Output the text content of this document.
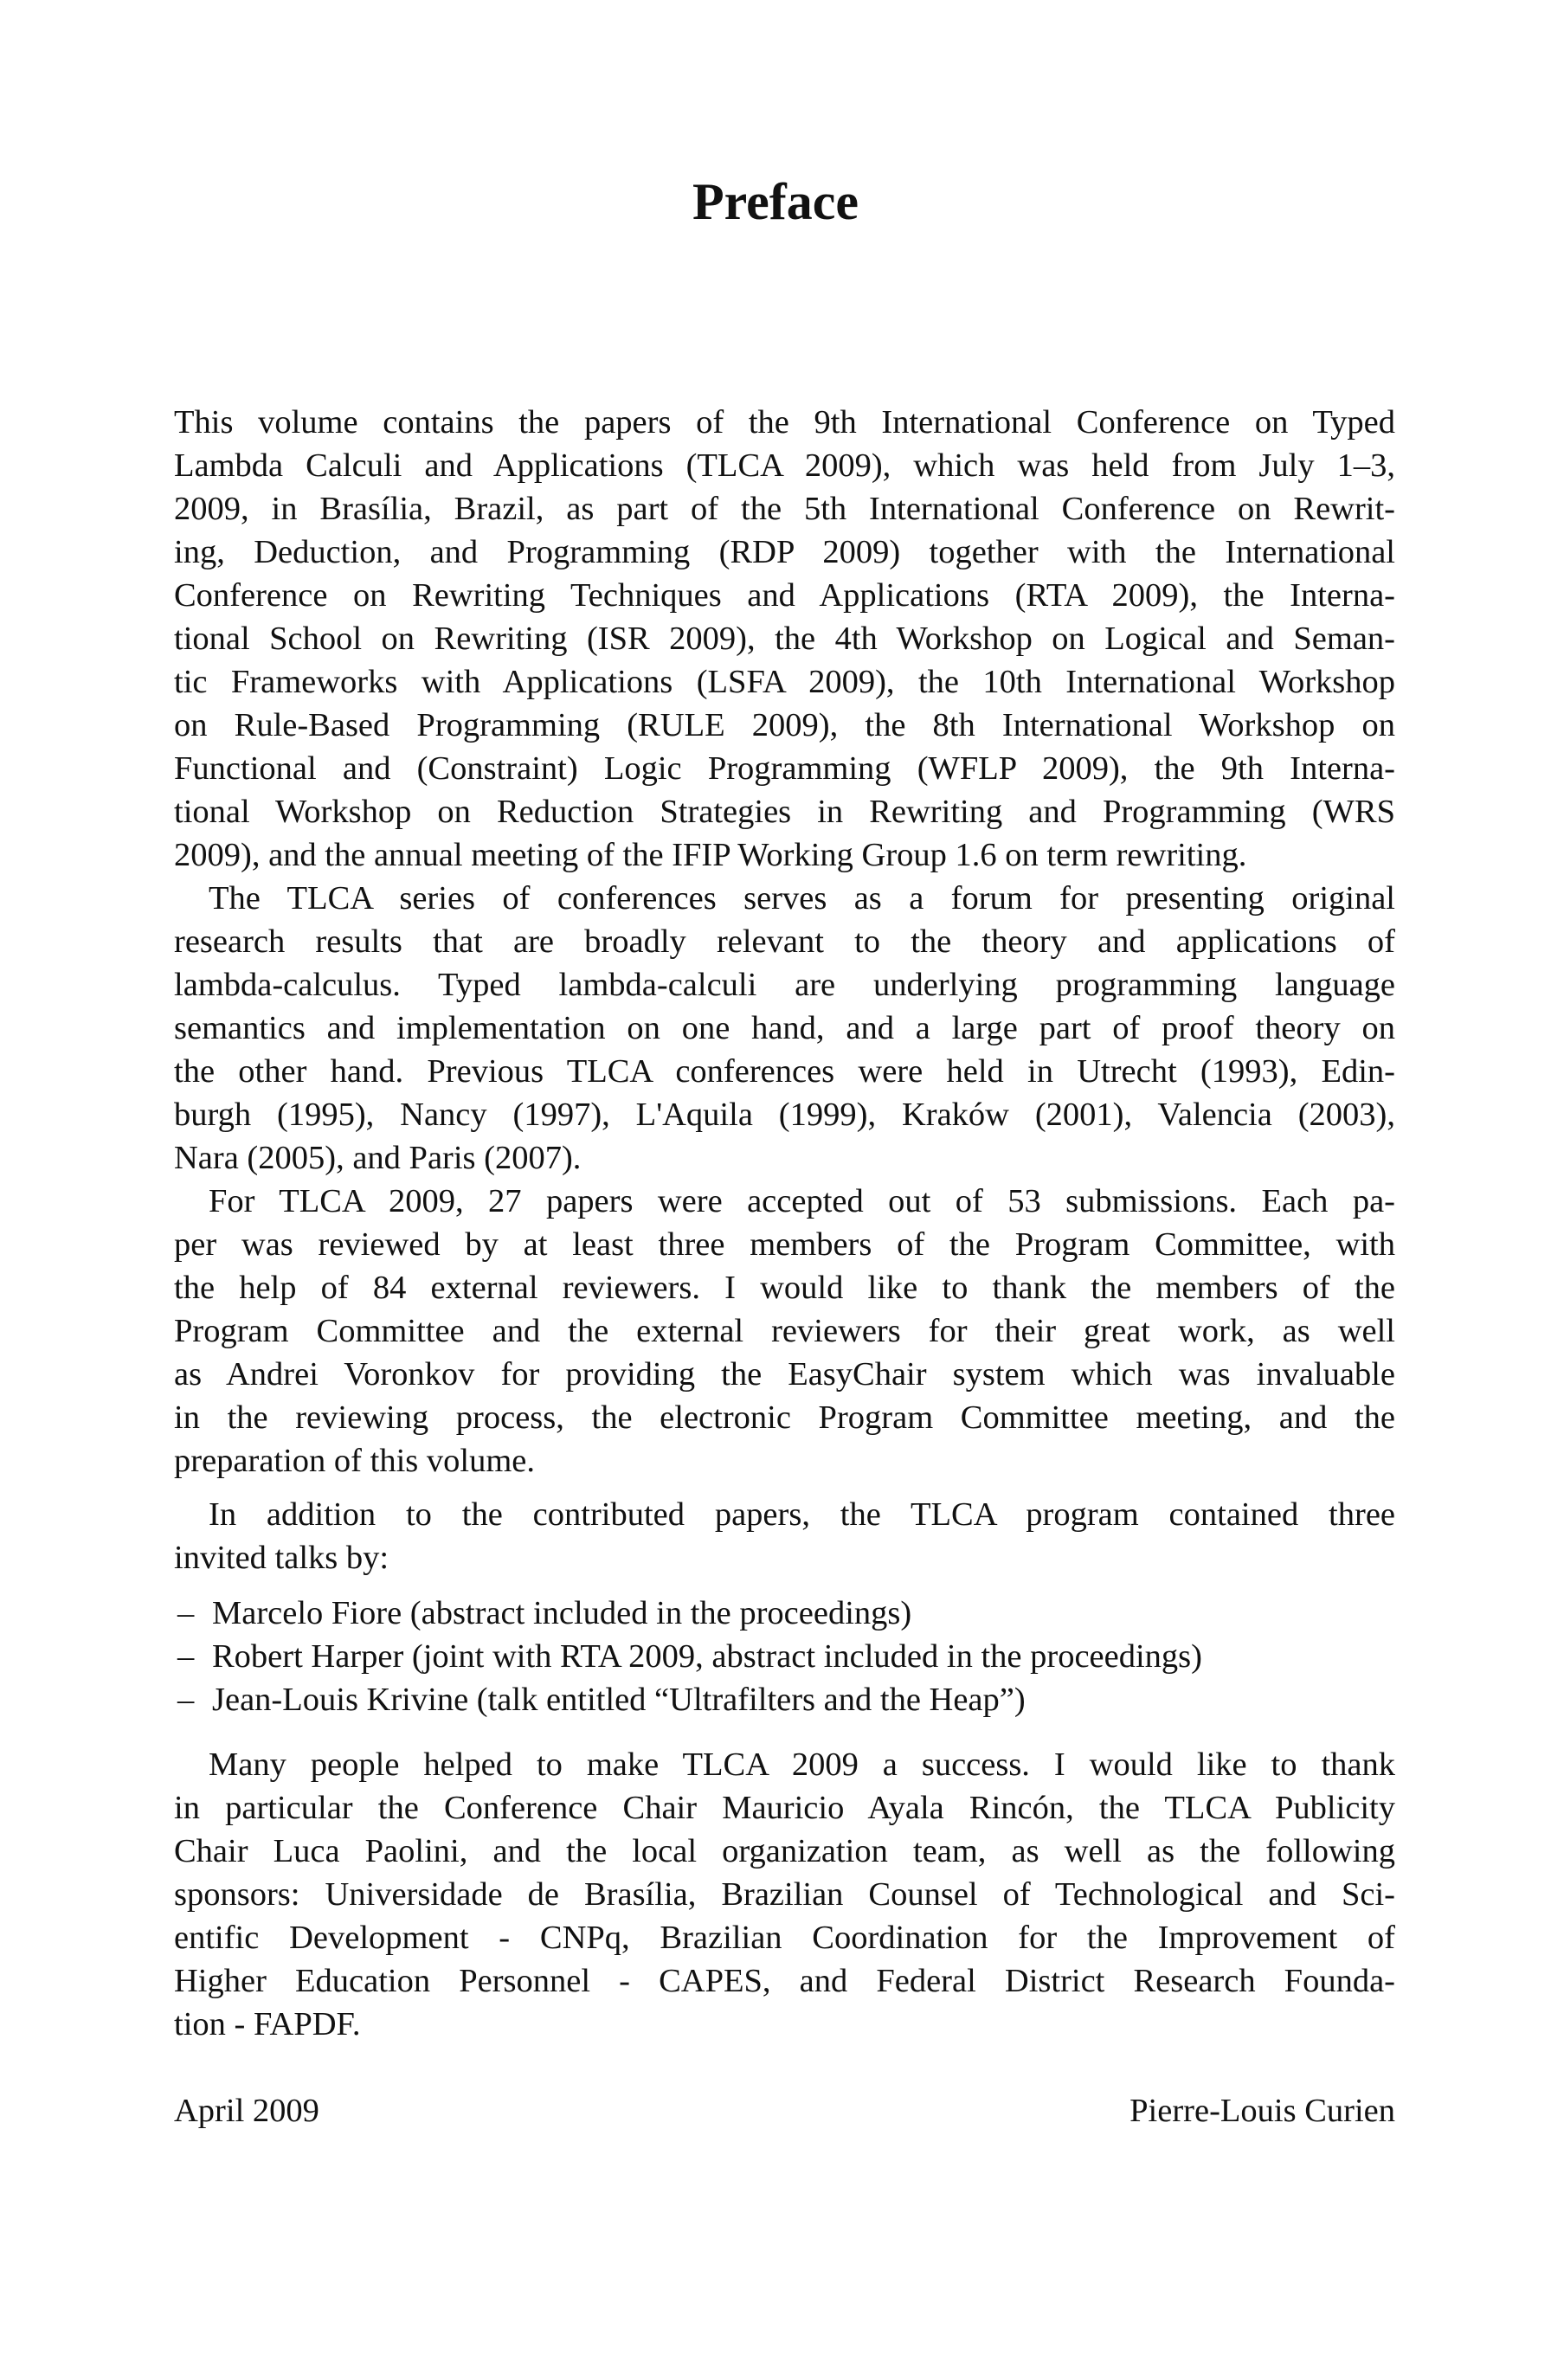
Preface
This volume contains the papers of the 9th International Conference on Typed
Lambda Calculi and Applications (TLCA 2009), which was held from July 1–3,
2009, in Brasília, Brazil, as part of the 5th International Conference on Rewrit-
ing, Deduction, and Programming (RDP 2009) together with the International
Conference on Rewriting Techniques and Applications (RTA 2009), the Interna-
tional School on Rewriting (ISR 2009), the 4th Workshop on Logical and Seman-
tic Frameworks with Applications (LSFA 2009), the 10th International Workshop
on Rule-Based Programming (RULE 2009), the 8th International Workshop on
Functional and (Constraint) Logic Programming (WFLP 2009), the 9th Interna-
tional Workshop on Reduction Strategies in Rewriting and Programming (WRS
2009), and the annual meeting of the IFIP Working Group 1.6 on term rewriting.
The TLCA series of conferences serves as a forum for presenting original
research results that are broadly relevant to the theory and applications of
lambda-calculus. Typed lambda-calculi are underlying programming language
semantics and implementation on one hand, and a large part of proof theory on
the other hand. Previous TLCA conferences were held in Utrecht (1993), Edin-
burgh (1995), Nancy (1997), L'Aquila (1999), Kraków (2001), Valencia (2003),
Nara (2005), and Paris (2007).
For TLCA 2009, 27 papers were accepted out of 53 submissions. Each pa-
per was reviewed by at least three members of the Program Committee, with
the help of 84 external reviewers. I would like to thank the members of the
Program Committee and the external reviewers for their great work, as well
as Andrei Voronkov for providing the EasyChair system which was invaluable
in the reviewing process, the electronic Program Committee meeting, and the
preparation of this volume.
In addition to the contributed papers, the TLCA program contained three
invited talks by:
– Marcelo Fiore (abstract included in the proceedings)
– Robert Harper (joint with RTA 2009, abstract included in the proceedings)
– Jean-Louis Krivine (talk entitled “Ultrafilters and the Heap”)
Many people helped to make TLCA 2009 a success. I would like to thank
in particular the Conference Chair Mauricio Ayala Rincón, the TLCA Publicity
Chair Luca Paolini, and the local organization team, as well as the following
sponsors: Universidade de Brasília, Brazilian Counsel of Technological and Sci-
entific Development - CNPq, Brazilian Coordination for the Improvement of
Higher Education Personnel - CAPES, and Federal District Research Founda-
tion - FAPDF.
April 2009	Pierre-Louis Curien
